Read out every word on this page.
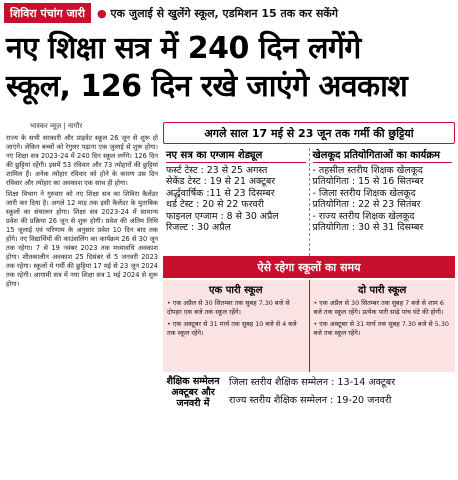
शिविरा पंचांग जारी	● एक जुलाई से खुलेंगे स्कूल, एडमिशन 15 तक कर सकेंगे
नए शिक्षा सत्र में 240 दिन लगेंगे
स्कूल, 126 दिन रखे जाएंगे अवकाश
भास्कर न्यूज़ | नागौर

राज्य के सभी सरकारी और प्राइवेट स्कूल 26 जून से शुरू हो जाएंगे। लेकिन बच्चों को रेगुलर पढ़ाना एक जुलाई से शुरू होगा। नए शिक्षा सत्र 2023-24 में 240 दिन स्कूल लगेंगे। 126 दिन की छुट्टियां रहेंगी। इसमें 53 रविवार और 73 त्योहारों की छुट्टियां शामिल हैं। अनेक त्योहार रविवार को होने के कारण उस दिन रविवार और त्योहार का अवकाश एक साथ ही होगा।

शिक्षा विभाग ने गुरुवार को नए शिक्षा सत्र का शिविरा कैलेंडर जारी कर दिया है। अगले 12 माह तक इसी कैलेंडर के मुताबिक स्कूलों का संचालन होगा। शिक्षा सत्र 2023-24 में सामान्य प्रवेश की प्रक्रिया 26 जून से शुरू होगी। प्रवेश की अंतिम तिथि 15 जुलाई एवं परिणाम के अनुसार प्रवेश 10 दिन बाद तक होंगे। नए विद्यार्थियों की काउंसलिंग का कार्यक्रम 26 से 30 जून तक रहेगा। 7 से 19 नवंबर 2023 तक मध्यावधि अवकाश होगा। शीतकालीन अवकाश 25 दिसंबर से 5 जनवरी 2023 तक रहेगा। स्कूलों में गर्मी की छुट्टियां 17 मई से 23 जून 2024 तक रहेगी। आगामी सत्र में नया शिक्षा सत्र 1 मई 2024 से शुरू होगा।

अगले साल 17 मई से 23 जून तक गर्मी की छुट्टियां
नए सत्र का एग्जाम शेड्यूल
फर्स्ट टेस्ट : 23 से 25 अगस्त
सेकेंड टेस्ट : 19 से 21 अक्टूबर
अर्द्धवार्षिक :11 से 23 दिसम्बर
थर्ड टेस्ट : 20 से 22 फरवरी
फाइनल एग्जाम : 8 से 30 अप्रैल
रिजल्ट : 30 अप्रैल
खेलकूद प्रतियोगिताओं का कार्यक्रम
- तहसील स्तरीय शिक्षक खेलकूद
प्रतियोगिता : 15 से 16 सितम्बर
- जिला स्तरीय शिक्षक खेलकूद
प्रतियोगिता : 22 से 23 सितंबर
- राज्य स्तरीय शिक्षक खेलकूद
प्रतियोगिता : 30 से 31 दिसम्बर
ऐसे रहेगा स्कूलों का समय
एक पारी स्कूल
• एक अप्रैल से 30 सितम्बर तक सुबह 7.30 बजे से दोपहर एक बजे तक स्कूल रहेंगे।
• एक अक्टूबर से 31 मार्च तक सुबह 10 बजे से 4 बजे तक स्कूल रहेंगे।
दो पारी स्कूल
• एक अप्रैल से 30 सितम्बर तक सुबह 7 बजे से शाम 6 बजे तक स्कूल रहेंगे। प्रत्येक पारी साढ़े पांच घंटे की होगी।
• एक अक्टूबर से 31 मार्च तक सुबह 7.30 बजे से 5.30 बजे तक स्कूल रहेंगे।
शैक्षिक सम्मेलन अक्टूबर और जनवरी में
जिला स्तरीय शैक्षिक सम्मेलन : 13-14 अक्टूबर
राज्य स्तरीय शैक्षिक सम्मेलन : 19-20 जनवरी
